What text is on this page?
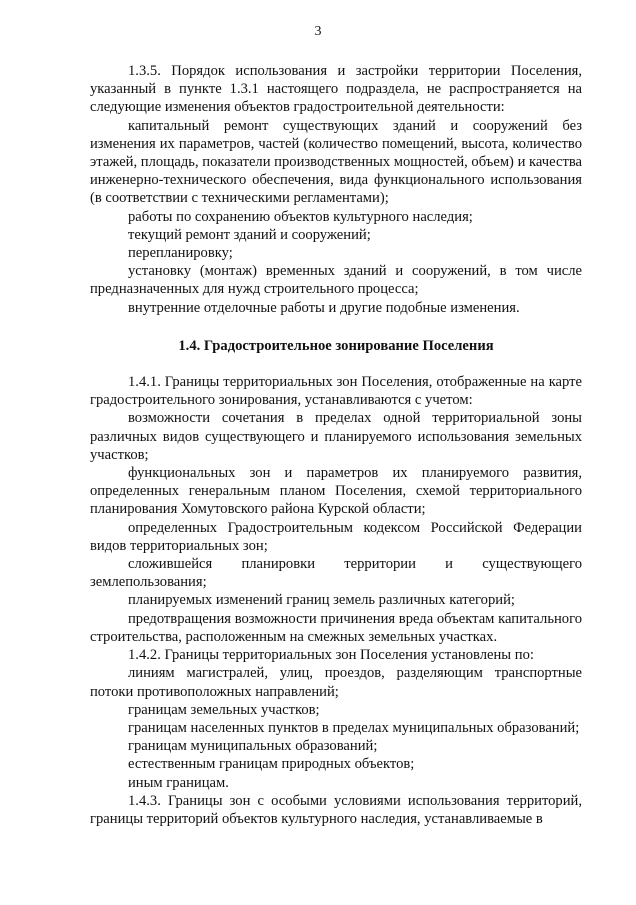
3

1.3.5. Порядок использования и застройки территории Поселения, указанный в пункте 1.3.1 настоящего подраздела, не распространяется на следующие изменения объектов градостроительной деятельности:

капитальный ремонт существующих зданий и сооружений без изменения их параметров, частей (количество помещений, высота, количество этажей, площадь, показатели производственных мощностей, объем) и качества инженерно-технического обеспечения, вида функционального использования (в соответствии с техническими регламентами);

работы по сохранению объектов культурного наследия;

текущий ремонт зданий и сооружений;

перепланировку;

установку (монтаж) временных зданий и сооружений, в том числе предназначенных для нужд строительного процесса;

внутренние отделочные работы и другие подобные изменения.

1.4. Градостроительное зонирование Поселения

1.4.1. Границы территориальных зон Поселения, отображенные на карте градостроительного зонирования, устанавливаются с учетом:

возможности сочетания в пределах одной территориальной зоны различных видов существующего и планируемого использования земельных участков;

функциональных зон и параметров их планируемого развития, определенных генеральным планом Поселения, схемой территориального планирования Хомутовского района Курской области;

определенных Градостроительным кодексом Российской Федерации видов территориальных зон;

сложившейся планировки территории и существующего землепользования;

планируемых изменений границ земель различных категорий;

предотвращения возможности причинения вреда объектам капитального строительства, расположенным на смежных земельных участках.

1.4.2. Границы территориальных зон Поселения установлены по:

линиям магистралей, улиц, проездов, разделяющим транспортные потоки противоположных направлений;

границам земельных участков;

границам населенных пунктов в пределах муниципальных образований;

границам муниципальных образований;

естественным границам природных объектов;

иным границам.

1.4.3. Границы зон с особыми условиями использования территорий, границы территорий объектов культурного наследия, устанавливаемые в
